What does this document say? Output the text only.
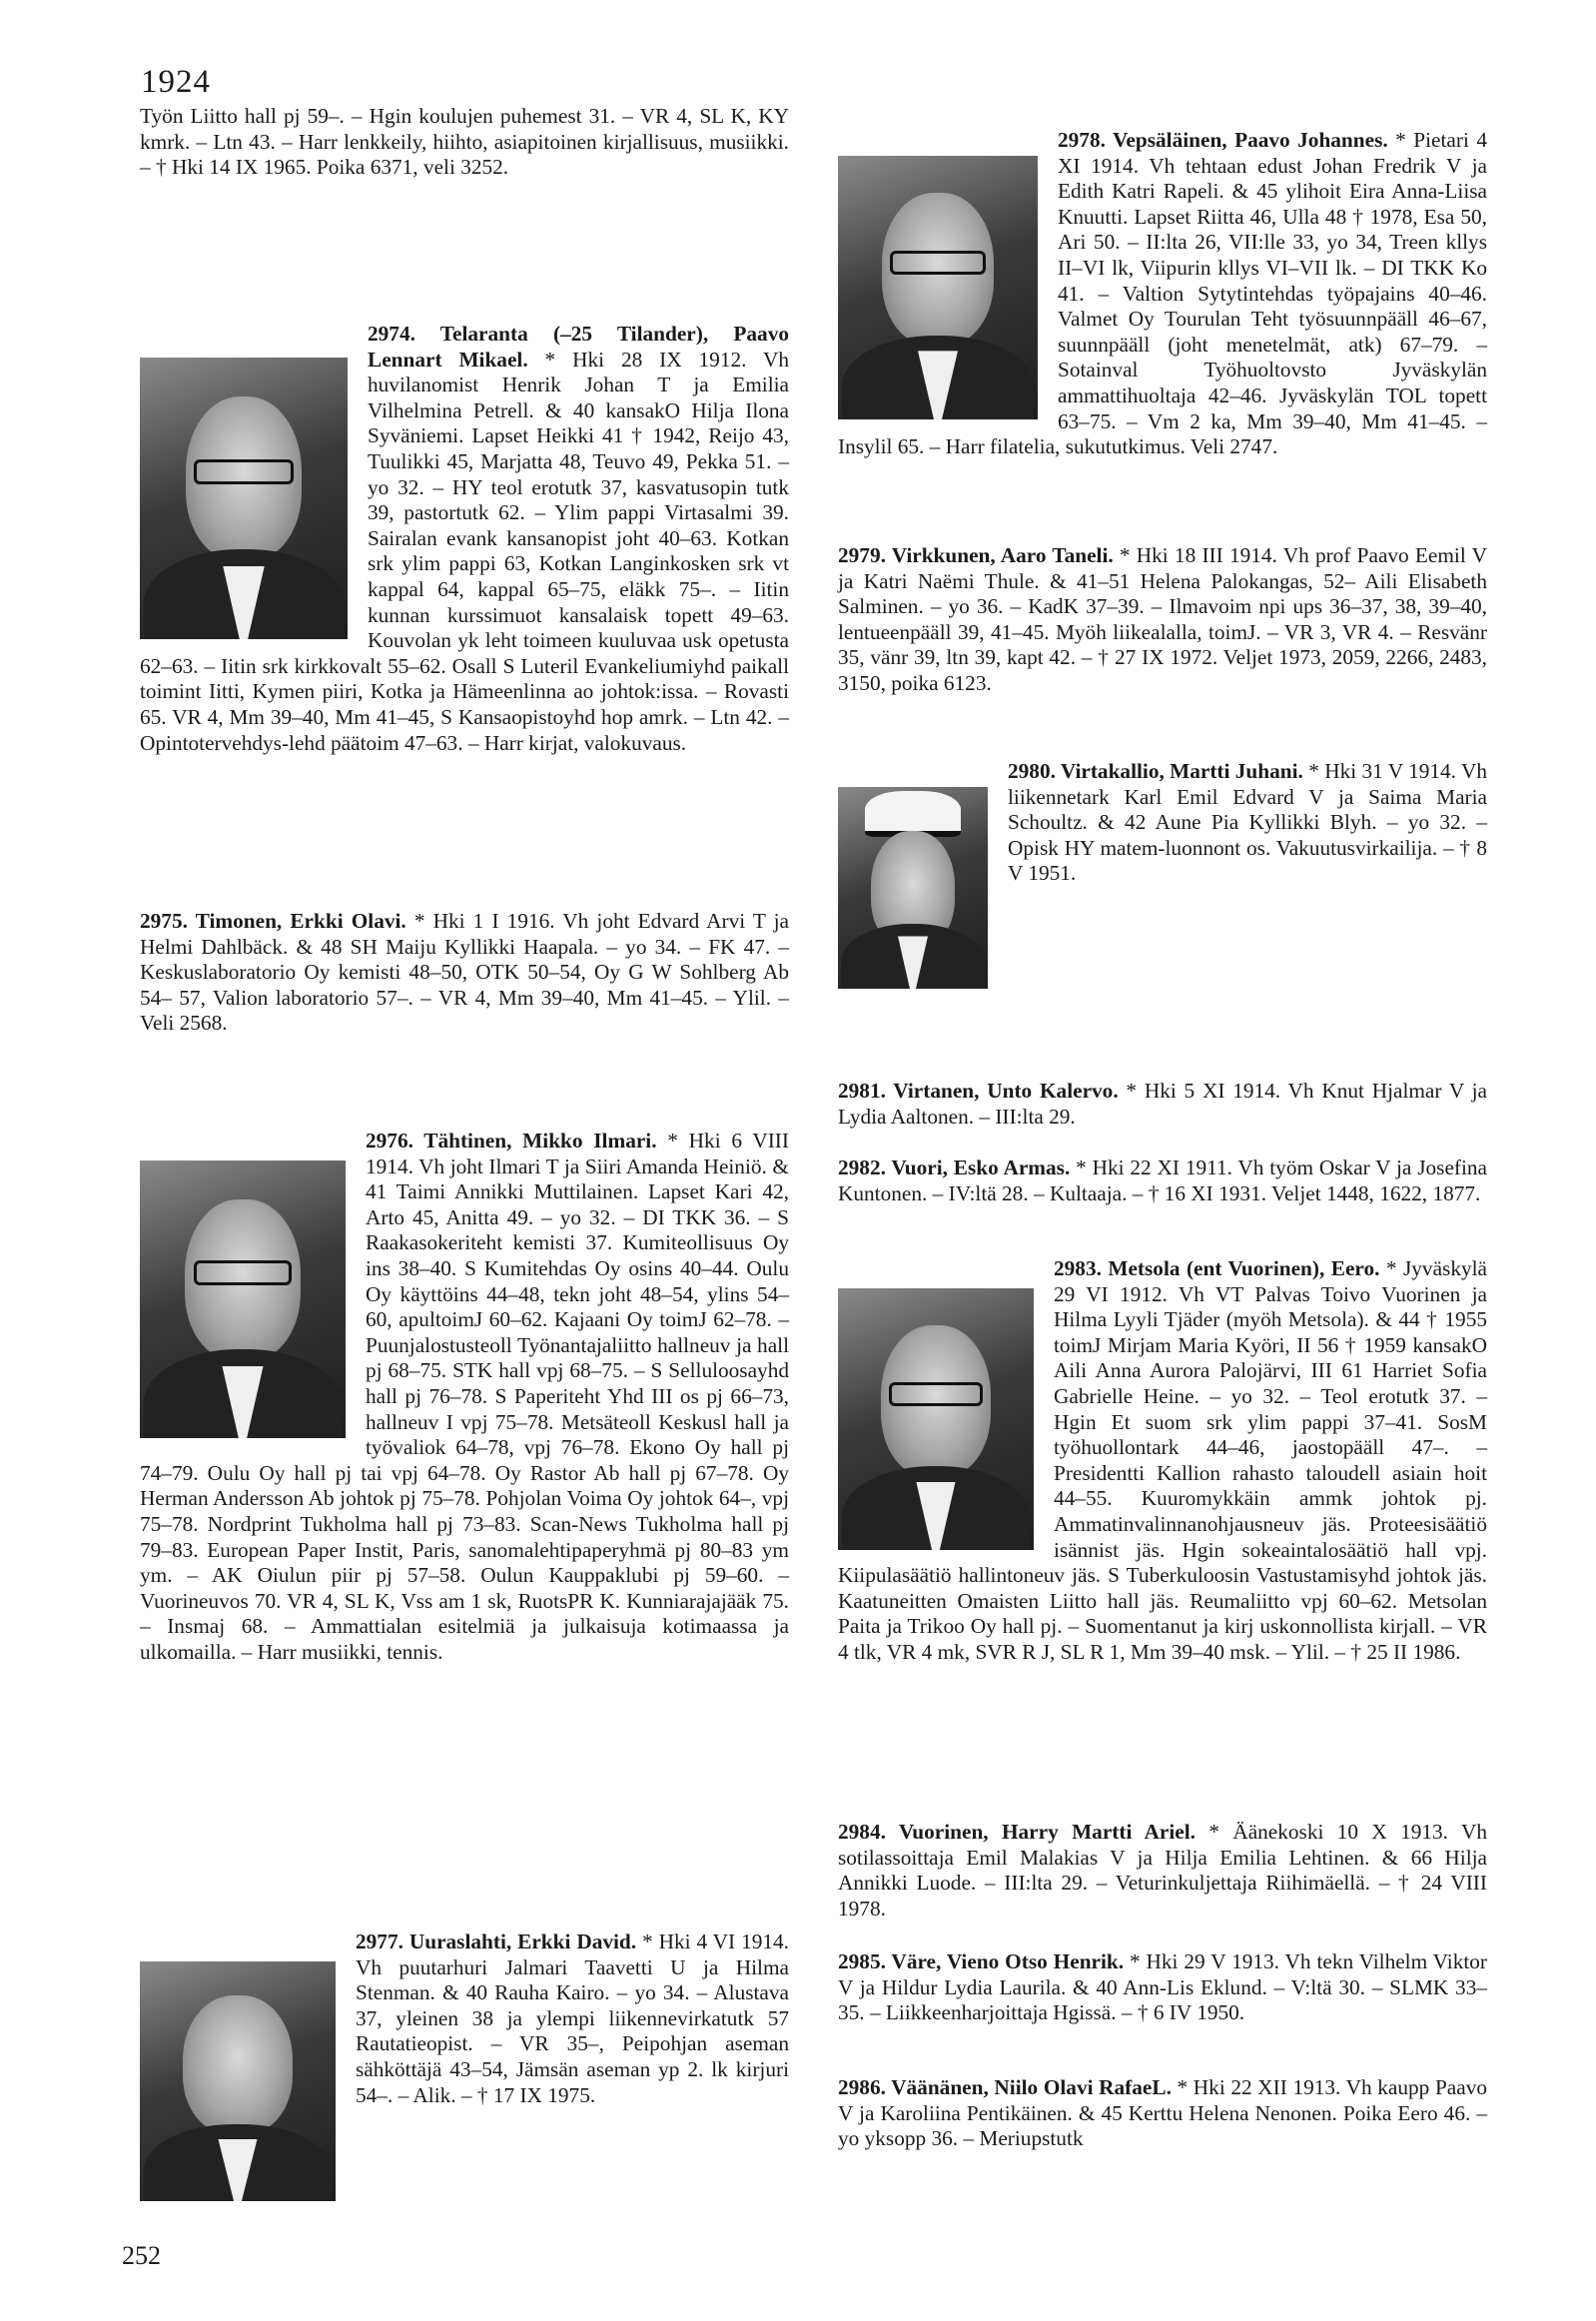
1924

Työn Liitto hall pj 59–. – Hgin koulujen puhemest 31. – VR 4, SL K, KY kmrk. – Ltn 43. – Harr lenkkeily, hiihto, asiapitoinen kirjallisuus, musiikki. – † Hki 14 IX 1965. Poika 6371, veli 3252.

2974. Telaranta (–25 Tilander), Paavo Lennart Mikael. * Hki 28 IX 1912. Vh huvilanomist Henrik Johan T ja Emilia Vilhelmina Petrell. & 40 kansakO Hilja Ilona Syväniemi. Lapset Heikki 41 † 1942, Reijo 43, Tuulikki 45, Marjatta 48, Teuvo 49, Pekka 51. – yo 32. – HY teol erotutk 37, kasvatusopin tutk 39, pastortutk 62. – Ylim pappi Virtasalmi 39. Sairalan evank kansanopist joht 40–63. Kotkan srk ylim pappi 63, Kotkan Langinkosken srk vt kappal 64, kappal 65–75, eläkk 75–. – Iitin kunnan kurssimuot kansalaisk topett 49–63. Kouvolan yk leht toimeen kuuluvaa usk opetusta 62–63. – Iitin srk kirkkovalt 55–62. Osall S Luteril Evankeliumiyhd paikall toimint Iitti, Kymen piiri, Kotka ja Hämeenlinna ao johtok:issa. – Rovasti 65. VR 4, Mm 39–40, Mm 41–45, S Kansaopistoyhd hop amrk. – Ltn 42. – Opintotervehdys-lehd päätoim 47–63. – Harr kirjat, valokuvaus.

2975. Timonen, Erkki Olavi. * Hki 1 I 1916. Vh joht Edvard Arvi T ja Helmi Dahlbäck. & 48 SH Maiju Kyllikki Haapala. – yo 34. – FK 47. – Keskuslaboratorio Oy kemisti 48–50, OTK 50–54, Oy G W Sohlberg Ab 54– 57, Valion laboratorio 57–. – VR 4, Mm 39–40, Mm 41–45. – Ylil. – Veli 2568.

2976. Tähtinen, Mikko Ilmari. * Hki 6 VIII 1914. Vh joht Ilmari T ja Siiri Amanda Heiniö. & 41 Taimi Annikki Muttilainen. Lapset Kari 42, Arto 45, Anitta 49. – yo 32. – DI TKK 36. – S Raakasokeriteht kemisti 37. Kumiteollisuus Oy ins 38–40. S Kumitehdas Oy osins 40–44. Oulu Oy käyttöins 44–48, tekn joht 48–54, ylins 54–60, apultoimJ 60–62. Kajaani Oy toimJ 62–78. – Puunjalostusteoll Työnantajaliitto hallneuv ja hall pj 68–75. STK hall vpj 68–75. – S Selluloosayhd hall pj 76–78. S Paperiteht Yhd III os pj 66–73, hallneuv I vpj 75–78. Metsäteoll Keskusl hall ja työvaliok 64–78, vpj 76–78. Ekono Oy hall pj 74–79. Oulu Oy hall pj tai vpj 64–78. Oy Rastor Ab hall pj 67–78. Oy Herman Andersson Ab johtok pj 75–78. Pohjolan Voima Oy johtok 64–, vpj 75–78. Nordprint Tukholma hall pj 73–83. Scan-News Tukholma hall pj 79–83. European Paper Instit, Paris, sanomalehtipaperyhmä pj 80–83 ym ym. – AK Oiulun piir pj 57–58. Oulun Kauppaklubi pj 59–60. – Vuorineuvos 70. VR 4, SL K, Vss am 1 sk, RuotsPR K. Kunniarajajääk 75. – Insmaj 68. – Ammattialan esitelmiä ja julkaisuja kotimaassa ja ulkomailla. – Harr musiikki, tennis.

2977. Uuraslahti, Erkki David. * Hki 4 VI 1914. Vh puutarhuri Jalmari Taavetti U ja Hilma Stenman. & 40 Rauha Kairo. – yo 34. – Alustava 37, yleinen 38 ja ylempi liikennevirkatutk 57 Rautatieopist. – VR 35–, Peipohjan aseman sähköttäjä 43–54, Jämsän aseman yp 2. lk kirjuri 54–. – Alik. – † 17 IX 1975.

2978. Vepsäläinen, Paavo Johannes. * Pietari 4 XI 1914. Vh tehtaan edust Johan Fredrik V ja Edith Katri Rapeli. & 45 ylihoit Eira Anna-Liisa Knuutti. Lapset Riitta 46, Ulla 48 † 1978, Esa 50, Ari 50. – II:lta 26, VII:lle 33, yo 34, Treen kllys II–VI lk, Viipurin kllys VI–VII lk. – DI TKK Ko 41. – Valtion Sytytintehdas työpajains 40–46. Valmet Oy Tourulan Teht työsuunnpääll 46–67, suunnpääll (joht menetelmät, atk) 67–79. – Sotainval Työhuoltovsto Jyväskylän ammattihuoltaja 42–46. Jyväskylän TOL topett 63–75. – Vm 2 ka, Mm 39–40, Mm 41–45. – Insylil 65. – Harr filatelia, sukututkimus. Veli 2747.

2979. Virkkunen, Aaro Taneli. * Hki 18 III 1914. Vh prof Paavo Eemil V ja Katri Naëmi Thule. & 41–51 Helena Palokangas, 52– Aili Elisabeth Salminen. – yo 36. – KadK 37–39. – Ilmavoim npi ups 36–37, 38, 39–40, lentueenpääll 39, 41–45. Myöh liikealalla, toimJ. – VR 3, VR 4. – Resvänr 35, vänr 39, ltn 39, kapt 42. – † 27 IX 1972. Veljet 1973, 2059, 2266, 2483, 3150, poika 6123.

2980. Virtakallio, Martti Juhani. * Hki 31 V 1914. Vh liikennetark Karl Emil Edvard V ja Saima Maria Schoultz. & 42 Aune Pia Kyllikki Blyh. – yo 32. – Opisk HY matem-luonnont os. Vakuutusvirkailija. – † 8 V 1951.

2981. Virtanen, Unto Kalervo. * Hki 5 XI 1914. Vh Knut Hjalmar V ja Lydia Aaltonen. – III:lta 29.

2982. Vuori, Esko Armas. * Hki 22 XI 1911. Vh työm Oskar V ja Josefina Kuntonen. – IV:ltä 28. – Kultaaja. – † 16 XI 1931. Veljet 1448, 1622, 1877.

2983. Metsola (ent Vuorinen), Eero. * Jyväskylä 29 VI 1912. Vh VT Palvas Toivo Vuorinen ja Hilma Lyyli Tjäder (myöh Metsola). & 44 † 1955 toimJ Mirjam Maria Kyöri, II 56 † 1959 kansakO Aili Anna Aurora Palojärvi, III 61 Harriet Sofia Gabrielle Heine. – yo 32. – Teol erotutk 37. – Hgin Et suom srk ylim pappi 37–41. SosM työhuollontark 44–46, jaostopääll 47–. – Presidentti Kallion rahasto taloudell asiain hoit 44–55. Kuuromykkäin ammk johtok pj. Ammatinvalinnanohjausneuv jäs. Proteesisäätiö isännist jäs. Hgin sokeaintalosäätiö hall vpj. Kiipulasäätiö hallintoneuv jäs. S Tuberkuloosin Vastustamisyhd johtok jäs. Kaatuneitten Omaisten Liitto hall jäs. Reumaliitto vpj 60–62. Metsolan Paita ja Trikoo Oy hall pj. – Suomentanut ja kirj uskonnollista kirjall. – VR 4 tlk, VR 4 mk, SVR R J, SL R 1, Mm 39–40 msk. – Ylil. – † 25 II 1986.

2984. Vuorinen, Harry Martti Ariel. * Äänekoski 10 X 1913. Vh sotilassoittaja Emil Malakias V ja Hilja Emilia Lehtinen. & 66 Hilja Annikki Luode. – III:lta 29. – Veturinkuljettaja Riihimäellä. – † 24 VIII 1978.

2985. Väre, Vieno Otso Henrik. * Hki 29 V 1913. Vh tekn Vilhelm Viktor V ja Hildur Lydia Laurila. & 40 Ann-Lis Eklund. – V:ltä 30. – SLMK 33–35. – Liikkeenharjoittaja Hgissä. – † 6 IV 1950.

2986. Väänänen, Niilo Olavi RafaeL. * Hki 22 XII 1913. Vh kaupp Paavo V ja Karoliina Pentikäinen. & 45 Kerttu Helena Nenonen. Poika Eero 46. – yo yksopp 36. – Meriupstutk

252
